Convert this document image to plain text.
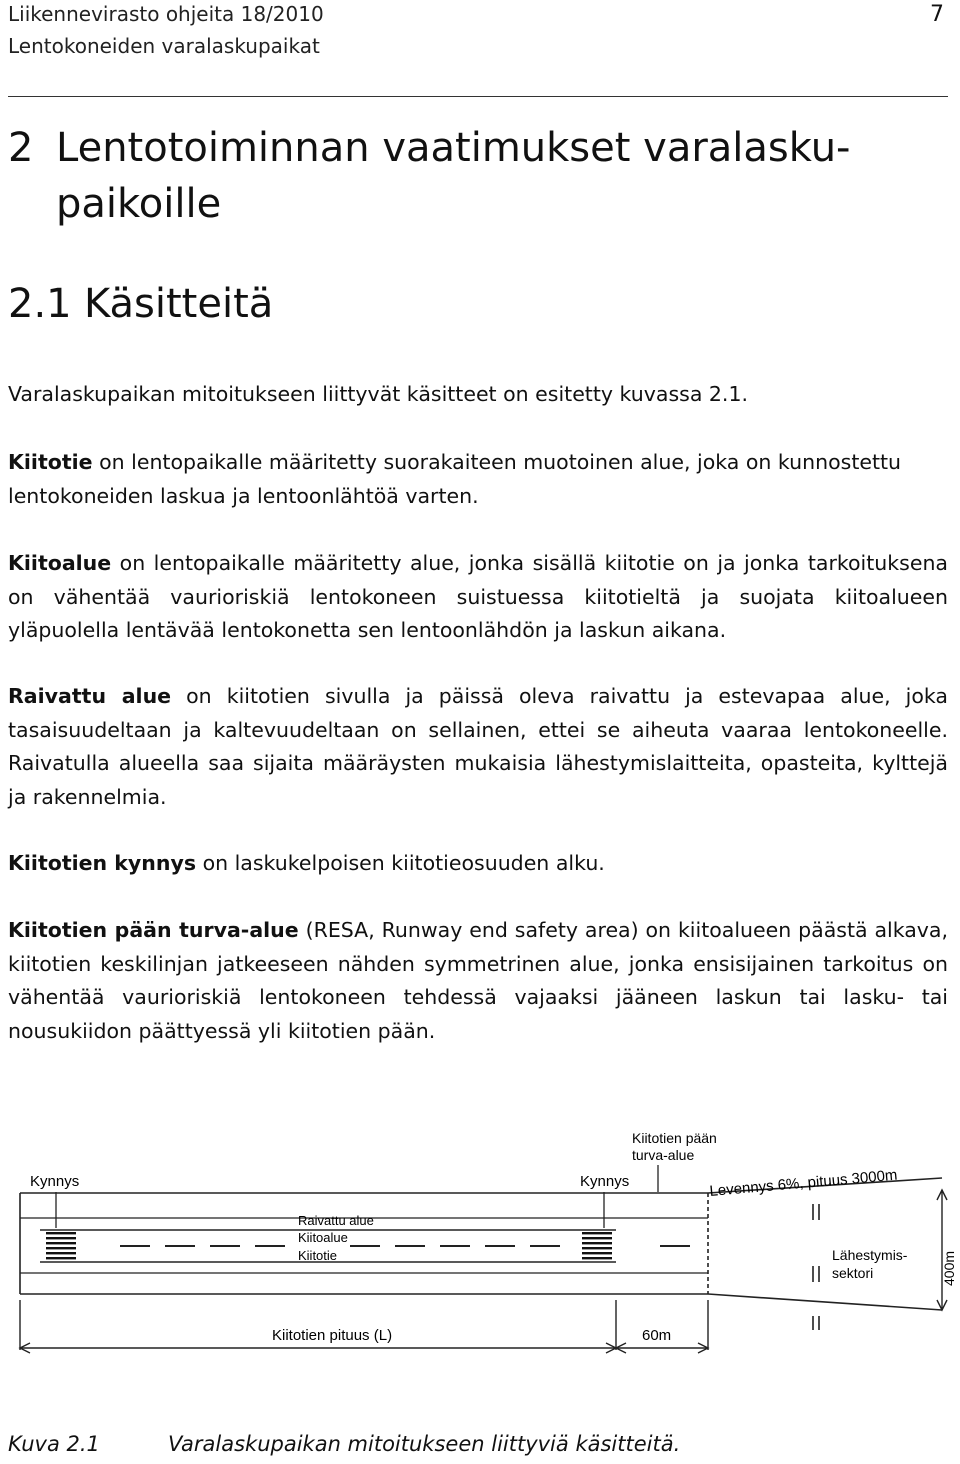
Liikennevirasto ohjeita 18/2010
Lentokoneiden varalaskupaikat
7
2 Lentotoiminnan vaatimukset varalasku-
paikoille
2.1 Käsitteitä

Varalaskupaikan mitoitukseen liittyvät käsitteet on esitetty kuvassa 2.1.

Kiitotie on lentopaikalle määritetty suorakaiteen muotoinen alue, joka on kunnostettu lentokoneiden laskua ja lentoonlähtöä varten.

Kiitoalue on lentopaikalle määritetty alue, jonka sisällä kiitotie on ja jonka tarkoituksena on vähentää vaurioriskiä lentokoneen suistuessa kiitotieltä ja suojata kiitoalueen yläpuolella lentävää lentokonetta sen lentoonlähdön ja laskun aikana.

Raivattu alue on kiitotien sivulla ja päissä oleva raivattu ja estevapaa alue, joka tasaisuudeltaan ja kaltevuudeltaan on sellainen, ettei se aiheuta vaaraa lentokoneelle. Raivatulla alueella saa sijaita määräysten mukaisia lähestymislaitteita, opasteita, kylttejä ja rakennelmia.

Kiitotien kynnys on laskukelpoisen kiitotieosuuden alku.

Kiitotien pään turva-alue (RESA, Runway end safety area) on kiitoalueen päästä alkava, kiitotien keskilinjan jatkeeseen nähden symmetrinen alue, jonka ensisijainen tarkoitus on vähentää vaurioriskiä lentokoneen tehdessä vajaaksi jääneen laskun tai lasku- tai nousukiidon päättyessä yli kiitotien pään.

Kynnys	Kynnys
Kiitotien pään
turva-alue
Levennys 6%, pituus 3000m
Raivattu alue
Kiitoalue
Kiitotie	Lähestymis-
sektori	400m
Kiitotien pituus (L)	60m
Kuva 2.1	Varalaskupaikan mitoitukseen liittyviä käsitteitä.
